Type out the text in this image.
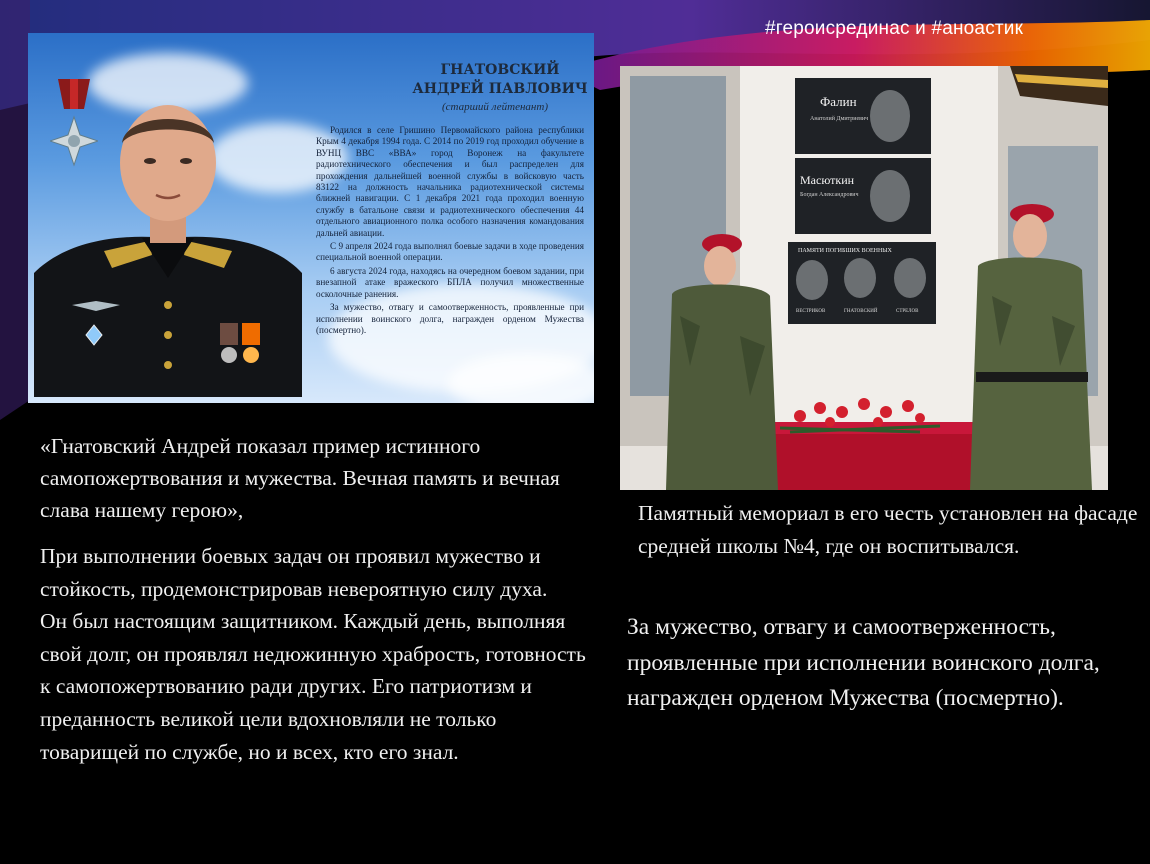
#героисрединас и #аноастик
ГНАТОВСКИЙ
АНДРЕЙ ПАВЛОВИЧ
(старший лейтенант)

Родился в селе Гришино Первомайского района республики Крым 4 декабря 1994 года. С 2014 по 2019 год проходил обучение в ВУНЦ ВВС «ВВА» город Воронеж на факультете радиотехнического обеспечения и был распределен для прохождения дальнейшей военной службы в войсковую часть 83122 на должность начальника радиотехнической системы ближней навигации. С 1 декабря 2021 года проходил военную службу в батальоне связи и радиотехнического обеспечения 44 отдельного авиационного полка особого назначения командования дальней авиации.

С 9 апреля 2024 года выполнял боевые задачи в ходе проведения специальной военной операции.

6 августа 2024 года, находясь на очередном боевом задании, при внезапной атаке вражеского БПЛА получил множественные осколочные ранения.

За мужество, отвагу и самоотверженность, проявленные при исполнении воинского долга, награжден орденом Мужества (посмертно).

Фалин
Анатолий Дмитриевич
Масюткин
Богдан Александрович
ПАМЯТИ ПОГИБШИХ ВОЕННЫХ
ВЕСТРИКОВ	ГНАТОВСКИЙ	СТРЕЛОВ

«Гнатовский Андрей показал пример истинного самопожертвования и мужества. Вечная память и вечная слава нашему герою»,

При выполнении боевых задач он проявил мужество и стойкость, продемонстрировав невероятную силу духа.

Он был настоящим защитником. Каждый день, выполняя свой долг, он проявлял недюжинную храбрость, готовность к самопожертвованию ради других. Его патриотизм и преданность великой цели вдохновляли не только товарищей по службе, но и всех, кто его знал.

Памятный мемориал в его честь установлен на фасаде средней школы №4, где он воспитывался.

За мужество, отвагу и самоотверженность, проявленные при исполнении воинского долга, награжден орденом Мужества (посмертно).
